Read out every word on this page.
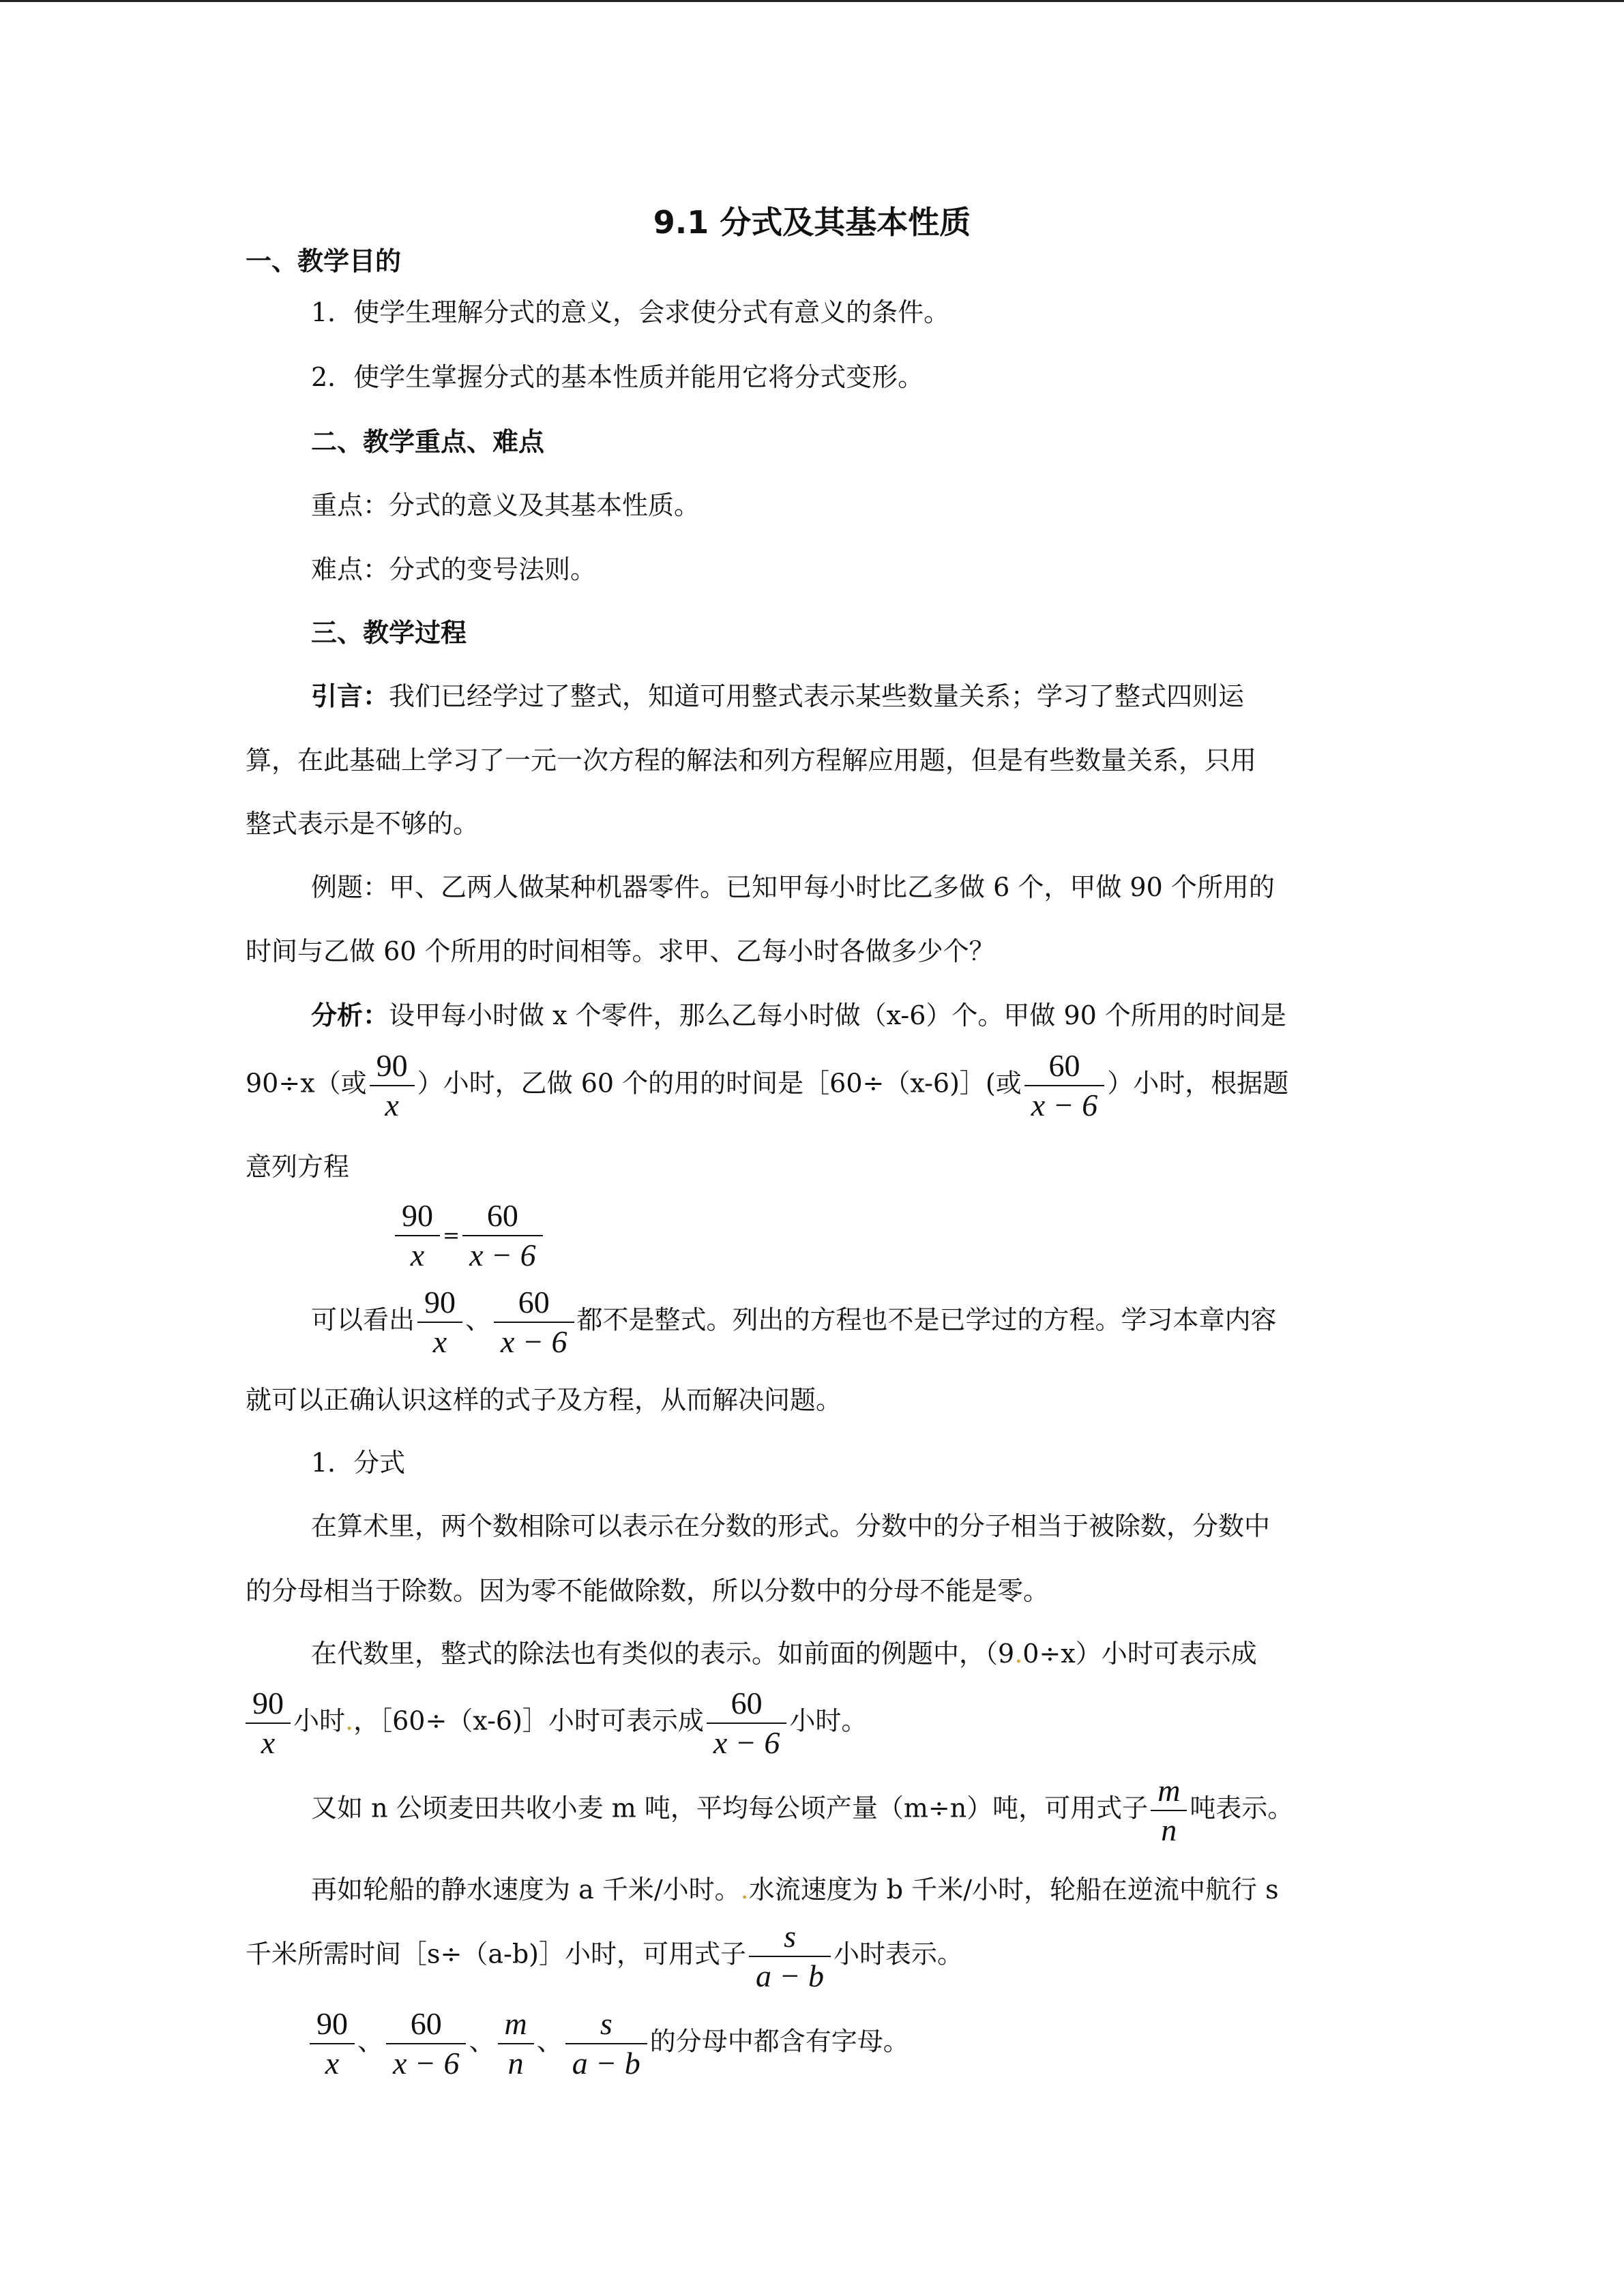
9.1 分式及其基本性质
一、教学目的
1．使学生理解分式的意义，会求使分式有意义的条件。
2．使学生掌握分式的基本性质并能用它将分式变形。
二、教学重点、难点
重点：分式的意义及其基本性质。
难点：分式的变号法则。
三、教学过程
引言：我们已经学过了整式，知道可用整式表示某些数量关系；学习了整式四则运
算，在此基础上学习了一元一次方程的解法和列方程解应用题，但是有些数量关系，只用
整式表示是不够的。
例题：甲、乙两人做某种机器零件。已知甲每小时比乙多做 6 个，甲做 90 个所用的
时间与乙做 60 个所用的时间相等。求甲、乙每小时各做多少个？
分析：设甲每小时做 x 个零件，那么乙每小时做（x-6）个。甲做 90 个所用的时间是
90÷x（或 $\frac{90}{x}$ ）小时，乙做 60 个的用的时间是［60÷（x-6)］(或 $\frac{60}{x - 6}$ ）小时，根据题
意列方程
$\frac{90}{x} = \frac{60}{x - 6}$
可以看出 $\frac{90}{x}$ 、 $\frac{60}{x - 6}$ 都不是整式。列出的方程也不是已学过的方程。学习本章内容
就可以正确认识这样的式子及方程，从而解决问题。
1．分式
在算术里，两个数相除可以表示在分数的形式。分数中的分子相当于被除数，分数中
的分母相当于除数。因为零不能做除数，所以分数中的分母不能是零。
在代数里，整式的除法也有类似的表示。如前面的例题中，（9.0÷x）小时可表示成
$\frac{90}{x}$ 小时.，［60÷（x-6)］小时可表示成 $\frac{60}{x - 6}$ 小时。
又如 n 公顷麦田共收小麦 m 吨，平均每公顷产量（m÷n）吨，可用式子 $\frac{m}{n}$ 吨表示。
再如轮船的静水速度为 a 千米/小时。.水流速度为 b 千米/小时，轮船在逆流中航行 s
千米所需时间［s÷（a-b)］小时，可用式子 $\frac{s}{a - b}$ 小时表示。
$\frac{90}{x}$ 、 $\frac{60}{x - 6}$ 、 $\frac{m}{n}$ 、 $\frac{s}{a - b}$ 的分母中都含有字母。
